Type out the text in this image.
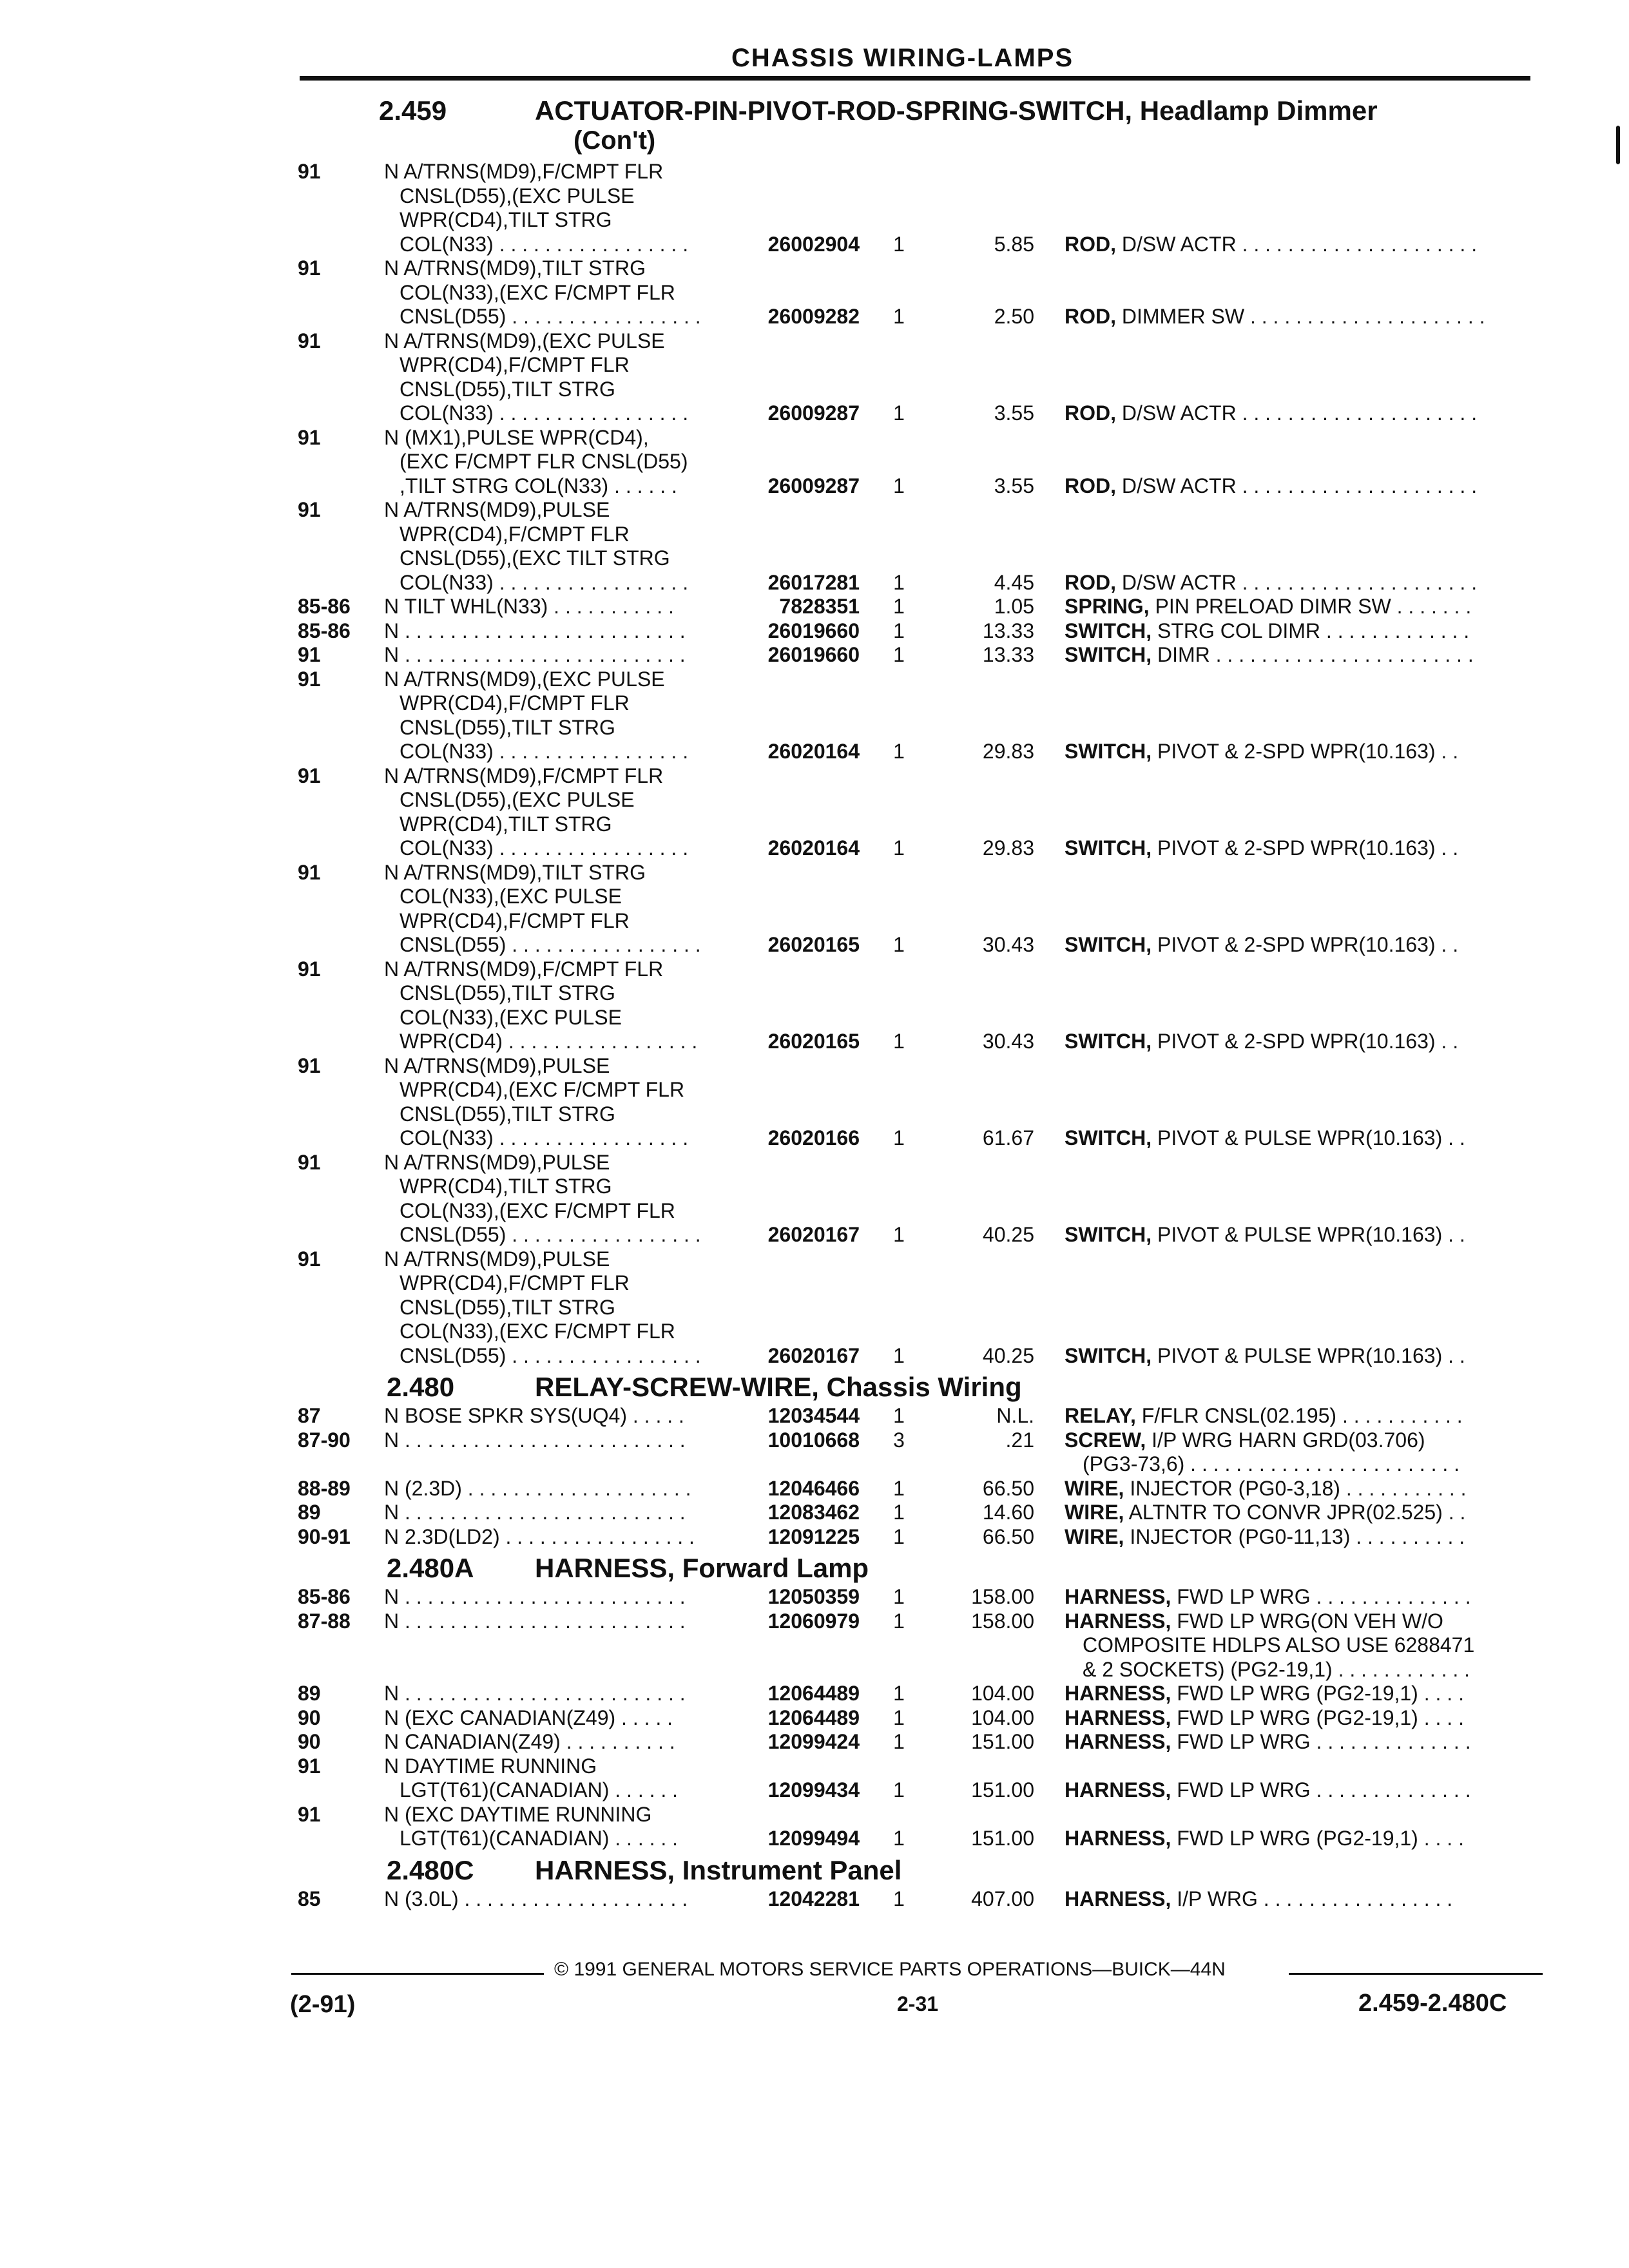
CHASSIS WIRING-LAMPS
2.459	ACTUATOR-PIN-PIVOT-ROD-SPRING-SWITCH, Headlamp Dimmer
(Con't)
91	N A/TRNS(MD9),F/CMPT FLR
CNSL(D55),(EXC PULSE
WPR(CD4),TILT STRG
COL(N33) . . . . . . . . . . . . . . . . .	26002904	1	5.85 ROD, D/SW ACTR . . . . . . . . . . . . . . . . . . . . .
91	N A/TRNS(MD9),TILT STRG
COL(N33),(EXC F/CMPT FLR
CNSL(D55) . . . . . . . . . . . . . . . . .	26009282	1	2.50 ROD, DIMMER SW . . . . . . . . . . . . . . . . . . . . .
91	N A/TRNS(MD9),(EXC PULSE
WPR(CD4),F/CMPT FLR
CNSL(D55),TILT STRG
COL(N33) . . . . . . . . . . . . . . . . .	26009287	1	3.55 ROD, D/SW ACTR . . . . . . . . . . . . . . . . . . . . .
91	N (MX1),PULSE WPR(CD4),
(EXC F/CMPT FLR CNSL(D55)
,TILT STRG COL(N33) . . . . . .	26009287	1	3.55 ROD, D/SW ACTR . . . . . . . . . . . . . . . . . . . . .
91	N A/TRNS(MD9),PULSE
WPR(CD4),F/CMPT FLR
CNSL(D55),(EXC TILT STRG
COL(N33) . . . . . . . . . . . . . . . . .	26017281	1	4.45 ROD, D/SW ACTR . . . . . . . . . . . . . . . . . . . . .
85-86 N TILT WHL(N33) . . . . . . . . . . .	7828351	1	1.05 SPRING, PIN PRELOAD DIMR SW . . . . . . .
85-86 N . . . . . . . . . . . . . . . . . . . . . . . . .	26019660	1	13.33 SWITCH, STRG COL DIMR . . . . . . . . . . . . .
91	N . . . . . . . . . . . . . . . . . . . . . . . . .	26019660	1	13.33 SWITCH, DIMR . . . . . . . . . . . . . . . . . . . . . . .
91	N A/TRNS(MD9),(EXC PULSE
WPR(CD4),F/CMPT FLR
CNSL(D55),TILT STRG
COL(N33) . . . . . . . . . . . . . . . . .	26020164	1	29.83 SWITCH, PIVOT & 2-SPD WPR(10.163) . .
91	N A/TRNS(MD9),F/CMPT FLR
CNSL(D55),(EXC PULSE
WPR(CD4),TILT STRG
COL(N33) . . . . . . . . . . . . . . . . .	26020164	1	29.83 SWITCH, PIVOT & 2-SPD WPR(10.163) . .
91	N A/TRNS(MD9),TILT STRG
COL(N33),(EXC PULSE
WPR(CD4),F/CMPT FLR
CNSL(D55) . . . . . . . . . . . . . . . . .	26020165	1	30.43 SWITCH, PIVOT & 2-SPD WPR(10.163) . .
91	N A/TRNS(MD9),F/CMPT FLR
CNSL(D55),TILT STRG
COL(N33),(EXC PULSE
WPR(CD4) . . . . . . . . . . . . . . . . .	26020165	1	30.43 SWITCH, PIVOT & 2-SPD WPR(10.163) . .
91	N A/TRNS(MD9),PULSE
WPR(CD4),(EXC F/CMPT FLR
CNSL(D55),TILT STRG
COL(N33) . . . . . . . . . . . . . . . . .	26020166	1	61.67 SWITCH, PIVOT & PULSE WPR(10.163) . .
91	N A/TRNS(MD9),PULSE
WPR(CD4),TILT STRG
COL(N33),(EXC F/CMPT FLR
CNSL(D55) . . . . . . . . . . . . . . . . .	26020167	1	40.25 SWITCH, PIVOT & PULSE WPR(10.163) . .
91	N A/TRNS(MD9),PULSE
WPR(CD4),F/CMPT FLR
CNSL(D55),TILT STRG
COL(N33),(EXC F/CMPT FLR
CNSL(D55) . . . . . . . . . . . . . . . . .	26020167	1	40.25 SWITCH, PIVOT & PULSE WPR(10.163) . .
2.480	RELAY-SCREW-WIRE, Chassis Wiring
87	N BOSE SPKR SYS(UQ4) . . . . .	12034544	1	N.L. RELAY, F/FLR CNSL(02.195) . . . . . . . . . . .
87-90 N . . . . . . . . . . . . . . . . . . . . . . . . .	10010668	3	.21 SCREW, I/P WRG HARN GRD(03.706)
(PG3-73,6) . . . . . . . . . . . . . . . . . . . . . . . .
88-89 N (2.3D) . . . . . . . . . . . . . . . . . . . .	12046466	1	66.50 WIRE, INJECTOR (PG0-3,18) . . . . . . . . . . .
89	N . . . . . . . . . . . . . . . . . . . . . . . . .	12083462	1	14.60 WIRE, ALTNTR TO CONVR JPR(02.525) . .
90-91 N 2.3D(LD2) . . . . . . . . . . . . . . . . .	12091225	1	66.50 WIRE, INJECTOR (PG0-11,13) . . . . . . . . . .
2.480A HARNESS, Forward Lamp
85-86 N . . . . . . . . . . . . . . . . . . . . . . . . .	12050359	1	158.00 HARNESS, FWD LP WRG . . . . . . . . . . . . . .
87-88 N . . . . . . . . . . . . . . . . . . . . . . . . .	12060979	1	158.00 HARNESS, FWD LP WRG(ON VEH W/O
COMPOSITE HDLPS ALSO USE 6288471
& 2 SOCKETS) (PG2-19,1) . . . . . . . . . . . .
89	N . . . . . . . . . . . . . . . . . . . . . . . . .	12064489	1	104.00 HARNESS, FWD LP WRG (PG2-19,1) . . . .
90	N (EXC CANADIAN(Z49) . . . . .	12064489	1	104.00 HARNESS, FWD LP WRG (PG2-19,1) . . . .
90	N CANADIAN(Z49) . . . . . . . . . .	12099424	1	151.00 HARNESS, FWD LP WRG . . . . . . . . . . . . . .
91	N DAYTIME RUNNING
LGT(T61)(CANADIAN) . . . . . .	12099434	1	151.00 HARNESS, FWD LP WRG . . . . . . . . . . . . . .
91	N (EXC DAYTIME RUNNING
LGT(T61)(CANADIAN) . . . . . .	12099494	1	151.00 HARNESS, FWD LP WRG (PG2-19,1) . . . .
2.480C HARNESS, Instrument Panel
85	N (3.0L) . . . . . . . . . . . . . . . . . . . .	12042281	1	407.00 HARNESS, I/P WRG . . . . . . . . . . . . . . . . .
© 1991 GENERAL MOTORS SERVICE PARTS OPERATIONS—BUICK—44N
(2-91)	2-31	2.459-2.480C
